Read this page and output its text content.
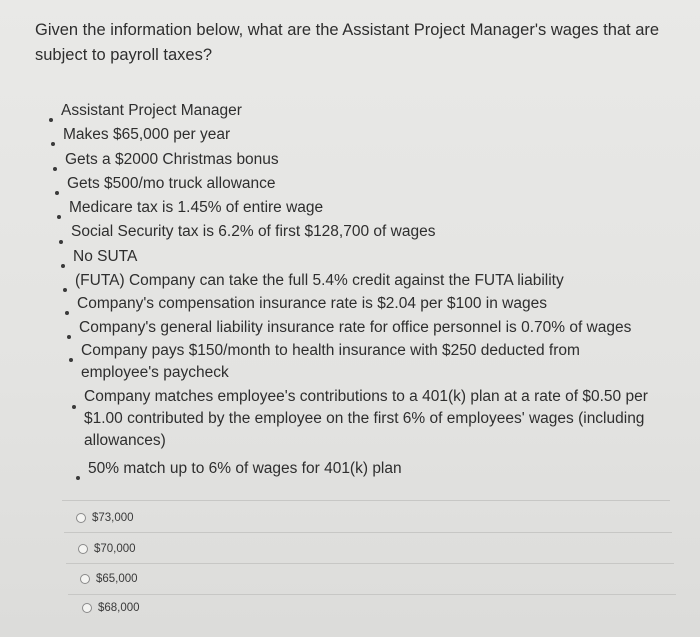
Given the information below, what are the Assistant Project Manager's wages that are subject to payroll taxes?
Assistant Project Manager
Makes $65,000 per year
Gets a $2000 Christmas bonus
Gets $500/mo truck allowance
Medicare tax is 1.45% of entire wage
Social Security tax is 6.2% of first $128,700 of wages
No SUTA
(FUTA) Company can take the full 5.4% credit against the FUTA liability
Company's compensation insurance rate is $2.04 per $100 in wages
Company's general liability insurance rate for office personnel is 0.70% of wages
Company pays $150/month to health insurance with $250 deducted from employee's paycheck
Company matches employee's contributions to a 401(k) plan at a rate of $0.50 per $1.00 contributed by the employee on the first 6% of employees' wages (including allowances)
50% match up to 6% of wages for 401(k) plan
$73,000
$70,000
$65,000
$68,000
